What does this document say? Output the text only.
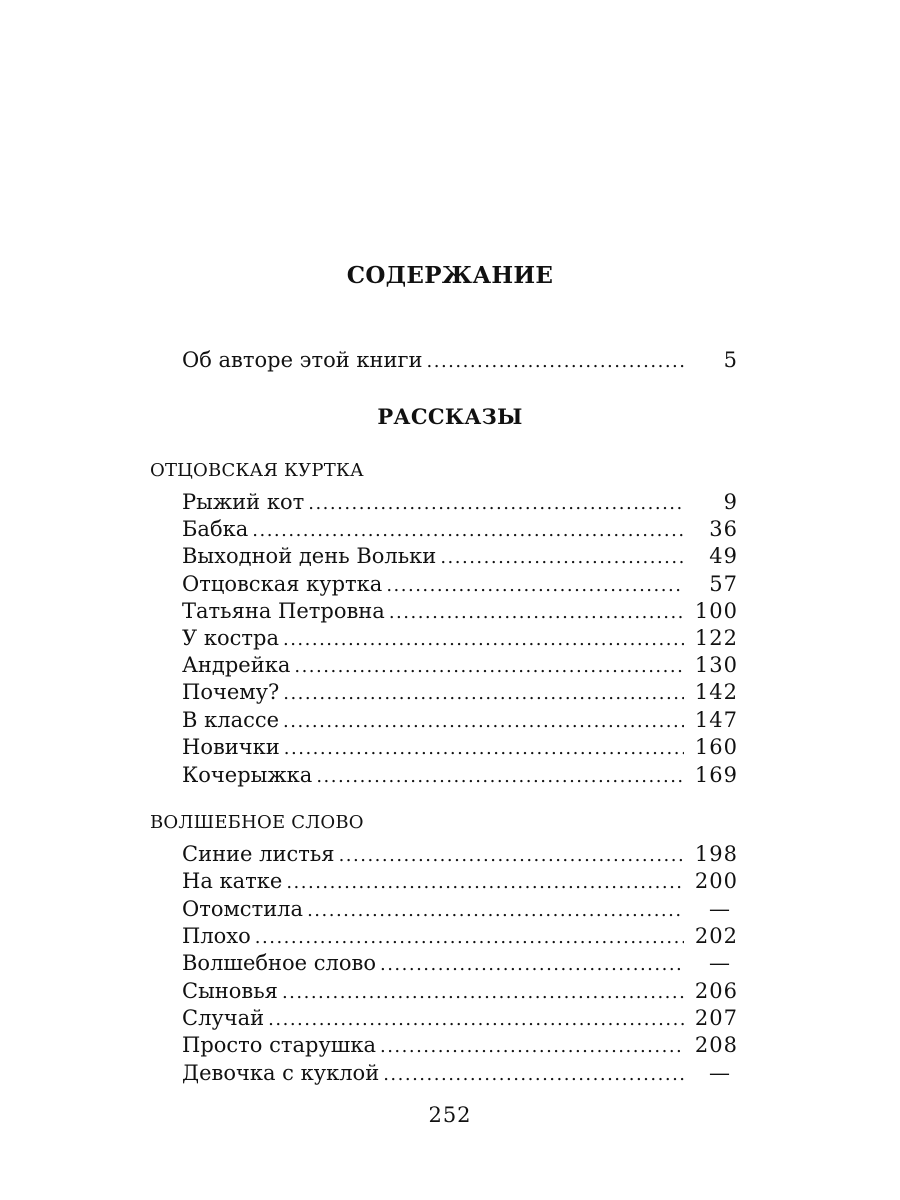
СОДЕРЖАНИЕ
Об авторе этой книги .....	5
РАССКАЗЫ
ОТЦОВСКАЯ КУРТКА
Рыжий кот .....	9
Бабка .....	36
Выходной день Вольки .....	49
Отцовская куртка .....	57
Татьяна Петровна .....	100
У костра .....	122
Андрейка .....	130
Почему? .....	142
В классе .....	147
Новички .....	160
Кочерыжка .....	169
ВОЛШЕБНОЕ СЛОВО
Синие листья .....	198
На катке .....	200
Отомстила .....	—
Плохо .....	202
Волшебное слово .....	—
Сыновья .....	206
Случай .....	207
Просто старушка .....	208
Девочка с куклой .....	—
252
